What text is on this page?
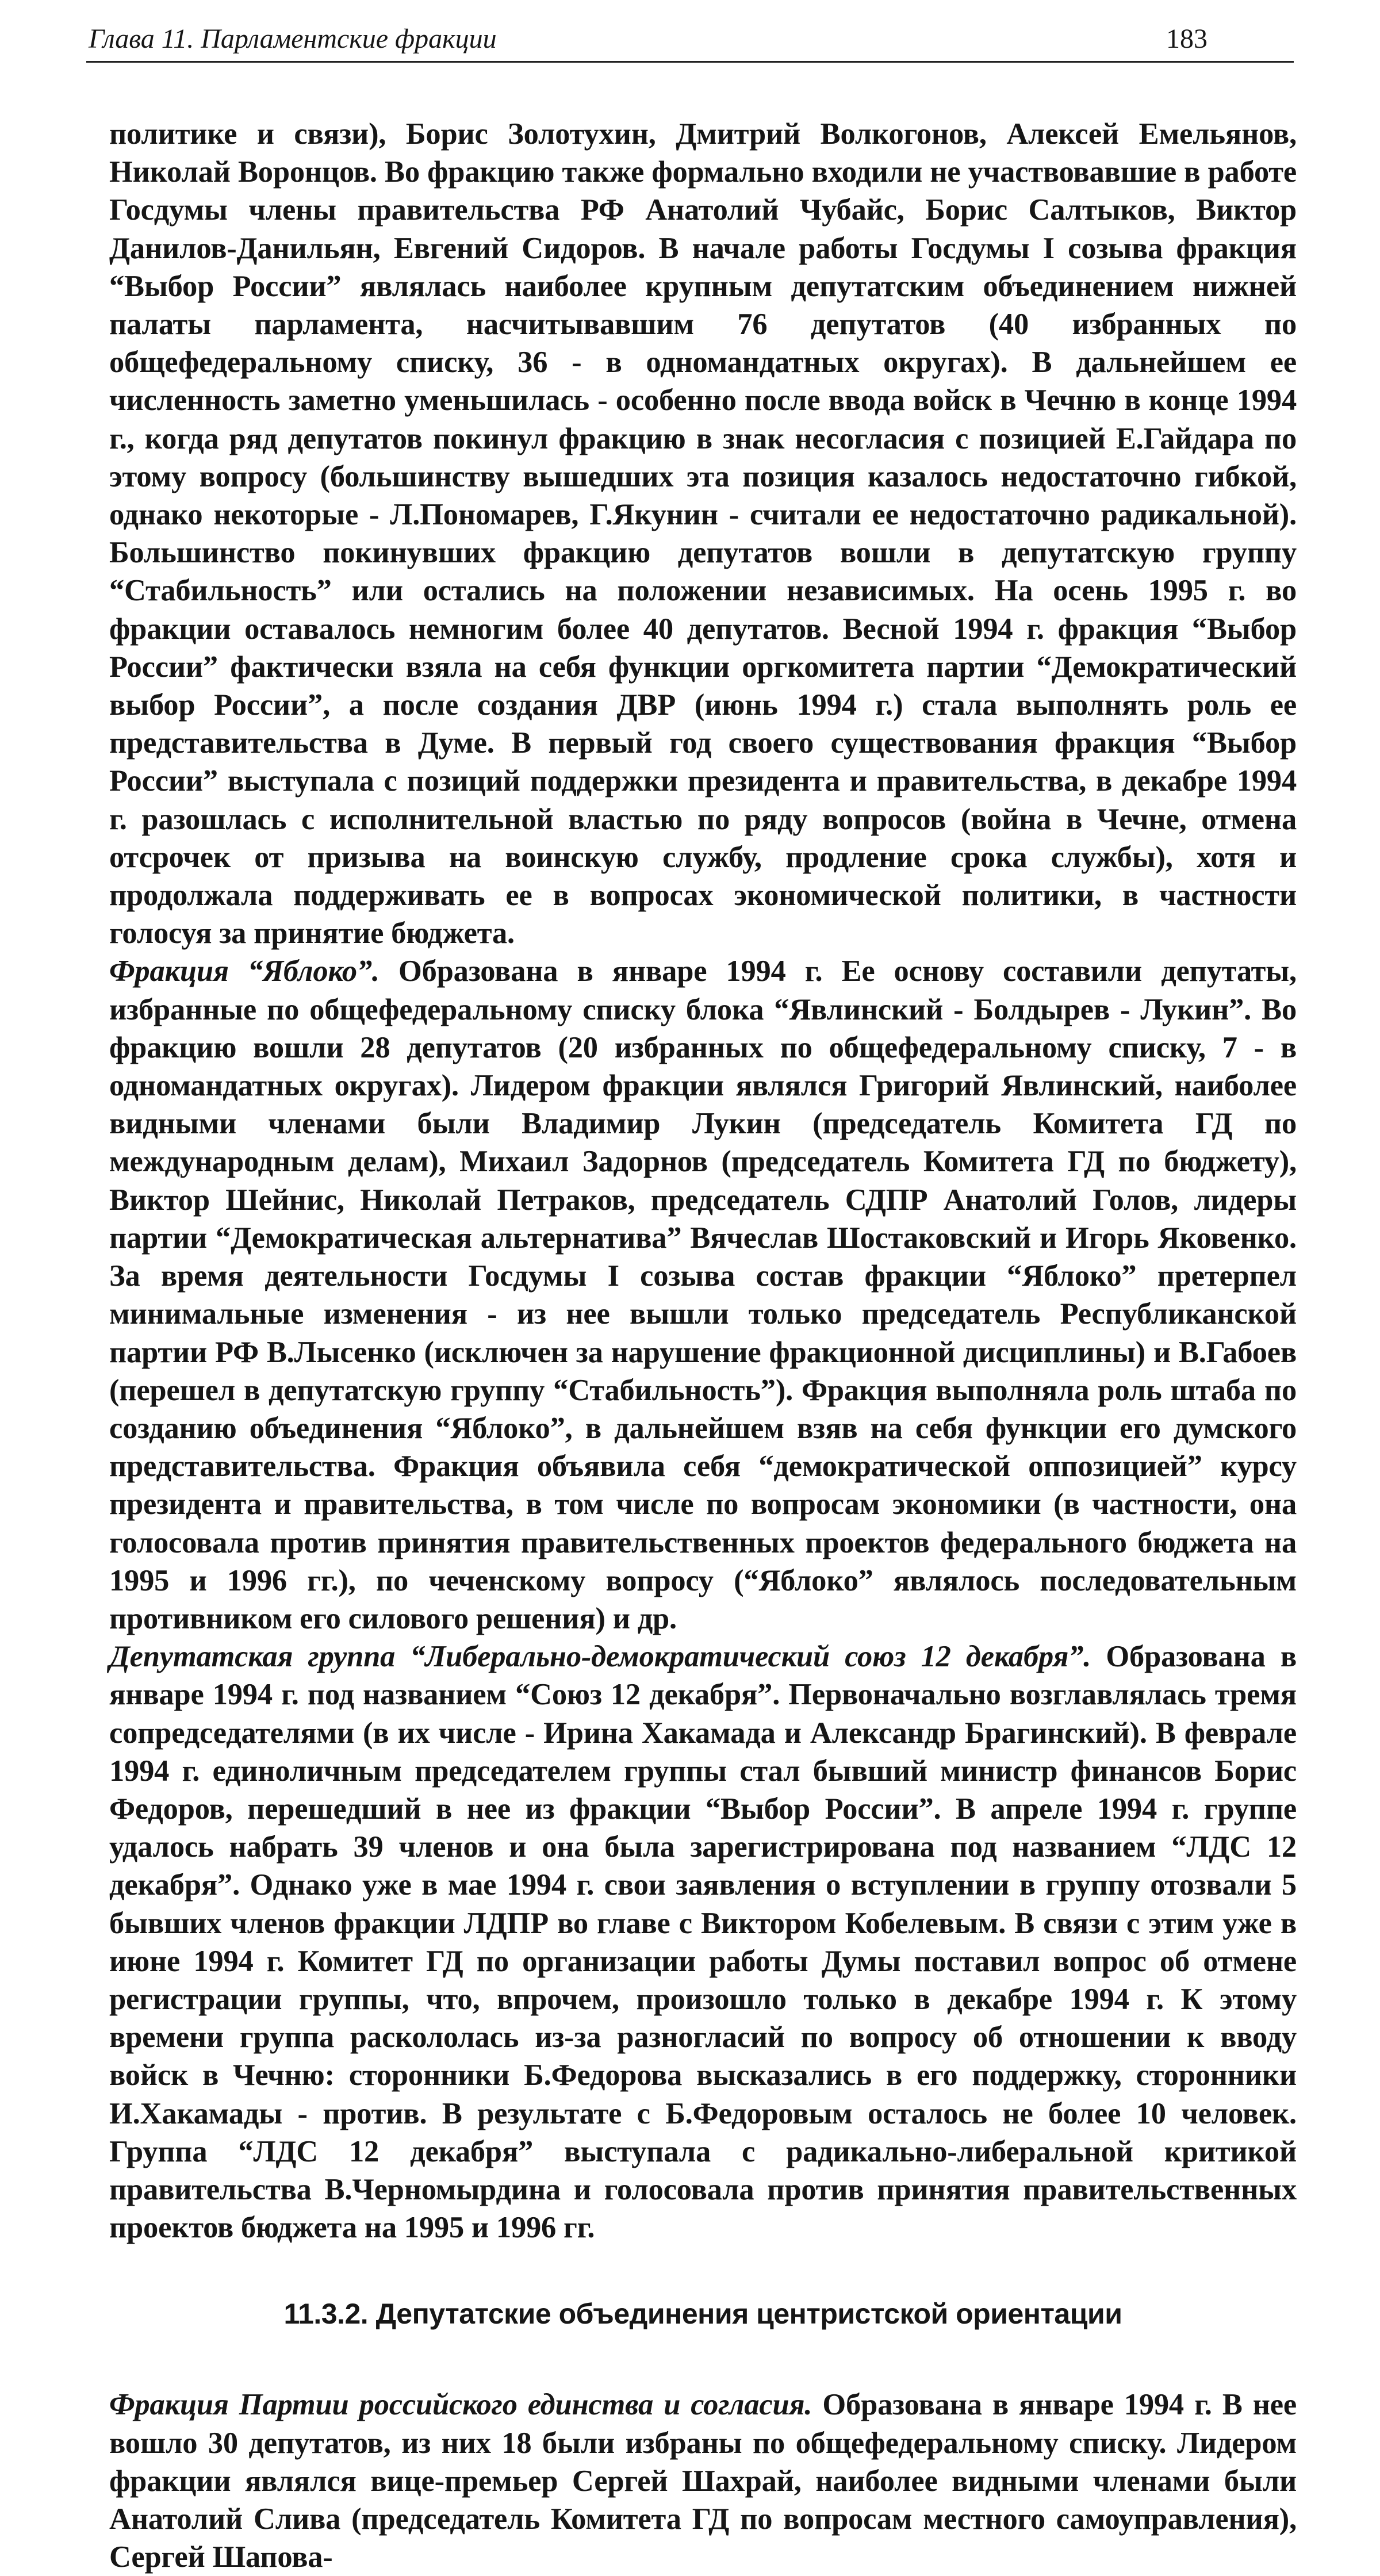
Глава 11. Парламентские фракции	183

политике и связи), Борис Золотухин, Дмитрий Волкогонов, Алексей Емельянов, Николай Воронцов. Во фракцию также формально входили не участвовавшие в работе Госдумы члены правительства РФ Анатолий Чубайс, Борис Салтыков, Виктор Данилов-Данильян, Евгений Сидоров. В начале работы Госдумы I созыва фракция “Выбор России” являлась наиболее крупным депутатским объединением нижней палаты парламента, насчитывавшим 76 депутатов (40 избранных по общефедеральному списку, 36 - в одномандатных округах). В дальнейшем ее численность заметно уменьшилась - особенно после ввода войск в Чечню в конце 1994 г., когда ряд депутатов покинул фракцию в знак несогласия с позицией Е.Гайдара по этому вопросу (большинству вышедших эта позиция казалось недостаточно гибкой, однако некоторые - Л.Пономарев, Г.Якунин - считали ее недостаточно радикальной). Большинство покинувших фракцию депутатов вошли в депутатскую группу “Стабильность” или остались на положении независимых. На осень 1995 г. во фракции оставалось немногим более 40 депутатов. Весной 1994 г. фракция “Выбор России” фактически взяла на себя функции оргкомитета партии “Демократический выбор России”, а после создания ДВР (июнь 1994 г.) стала выполнять роль ее представительства в Думе. В первый год своего существования фракция “Выбор России” выступала с позиций поддержки президента и правительства, в декабре 1994 г. разошлась с исполнительной властью по ряду вопросов (война в Чечне, отмена отсрочек от призыва на воинскую службу, продление срока службы), хотя и продолжала поддерживать ее в вопросах экономической политики, в частности голосуя за принятие бюджета.

Фракция “Яблоко”. Образована в январе 1994 г. Ее основу составили депутаты, избранные по общефедеральному списку блока “Явлинский - Болдырев - Лукин”. Во фракцию вошли 28 депутатов (20 избранных по общефедеральному списку, 7 - в одномандатных округах). Лидером фракции являлся Григорий Явлинский, наиболее видными членами были Владимир Лукин (председатель Комитета ГД по международным делам), Михаил Задорнов (председатель Комитета ГД по бюджету), Виктор Шейнис, Николай Петраков, председатель СДПР Анатолий Голов, лидеры партии “Демократическая альтернатива” Вячеслав Шостаковский и Игорь Яковенко. За время деятельности Госдумы I созыва состав фракции “Яблоко” претерпел минимальные изменения - из нее вышли только председатель Республиканской партии РФ В.Лысенко (исключен за нарушение фракционной дисциплины) и В.Габоев (перешел в депутатскую группу “Стабильность”). Фракция выполняла роль штаба по созданию объединения “Яблоко”, в дальнейшем взяв на себя функции его думского представительства. Фракция объявила себя “демократической оппозицией” курсу президента и правительства, в том числе по вопросам экономики (в частности, она голосовала против принятия правительственных проектов федерального бюджета на 1995 и 1996 гг.), по чеченскому вопросу (“Яблоко” являлось последовательным противником его силового решения) и др.

Депутатская группа “Либерально-демократический союз 12 декабря”. Образована в январе 1994 г. под названием “Союз 12 декабря”. Первоначально возглавлялась тремя сопредседателями (в их числе - Ирина Хакамада и Александр Брагинский). В феврале 1994 г. единоличным председателем группы стал бывший министр финансов Борис Федоров, перешедший в нее из фракции “Выбор России”. В апреле 1994 г. группе удалось набрать 39 членов и она была зарегистрирована под названием “ЛДС 12 декабря”. Однако уже в мае 1994 г. свои заявления о вступлении в группу отозвали 5 бывших членов фракции ЛДПР во главе с Виктором Кобелевым. В связи с этим уже в июне 1994 г. Комитет ГД по организации работы Думы поставил вопрос об отмене регистрации группы, что, впрочем, произошло только в декабре 1994 г. К этому времени группа раскололась из-за разногласий по вопросу об отношении к вводу войск в Чечню: сторонники Б.Федорова высказались в его поддержку, сторонники И.Хакамады - против. В результате с Б.Федоровым осталось не более 10 человек. Группа “ЛДС 12 декабря” выступала с радикально-либеральной критикой правительства В.Черномырдина и голосовала против принятия правительственных проектов бюджета на 1995 и 1996 гг.

11.3.2. Депутатские объединения центристской ориентации

Фракция Партии российского единства и согласия. Образована в январе 1994 г. В нее вошло 30 депутатов, из них 18 были избраны по общефедеральному списку. Лидером фракции являлся вице-премьер Сергей Шахрай, наиболее видными членами были Анатолий Слива (председатель Комитета ГД по вопросам местного самоуправления), Сергей Шапова-
